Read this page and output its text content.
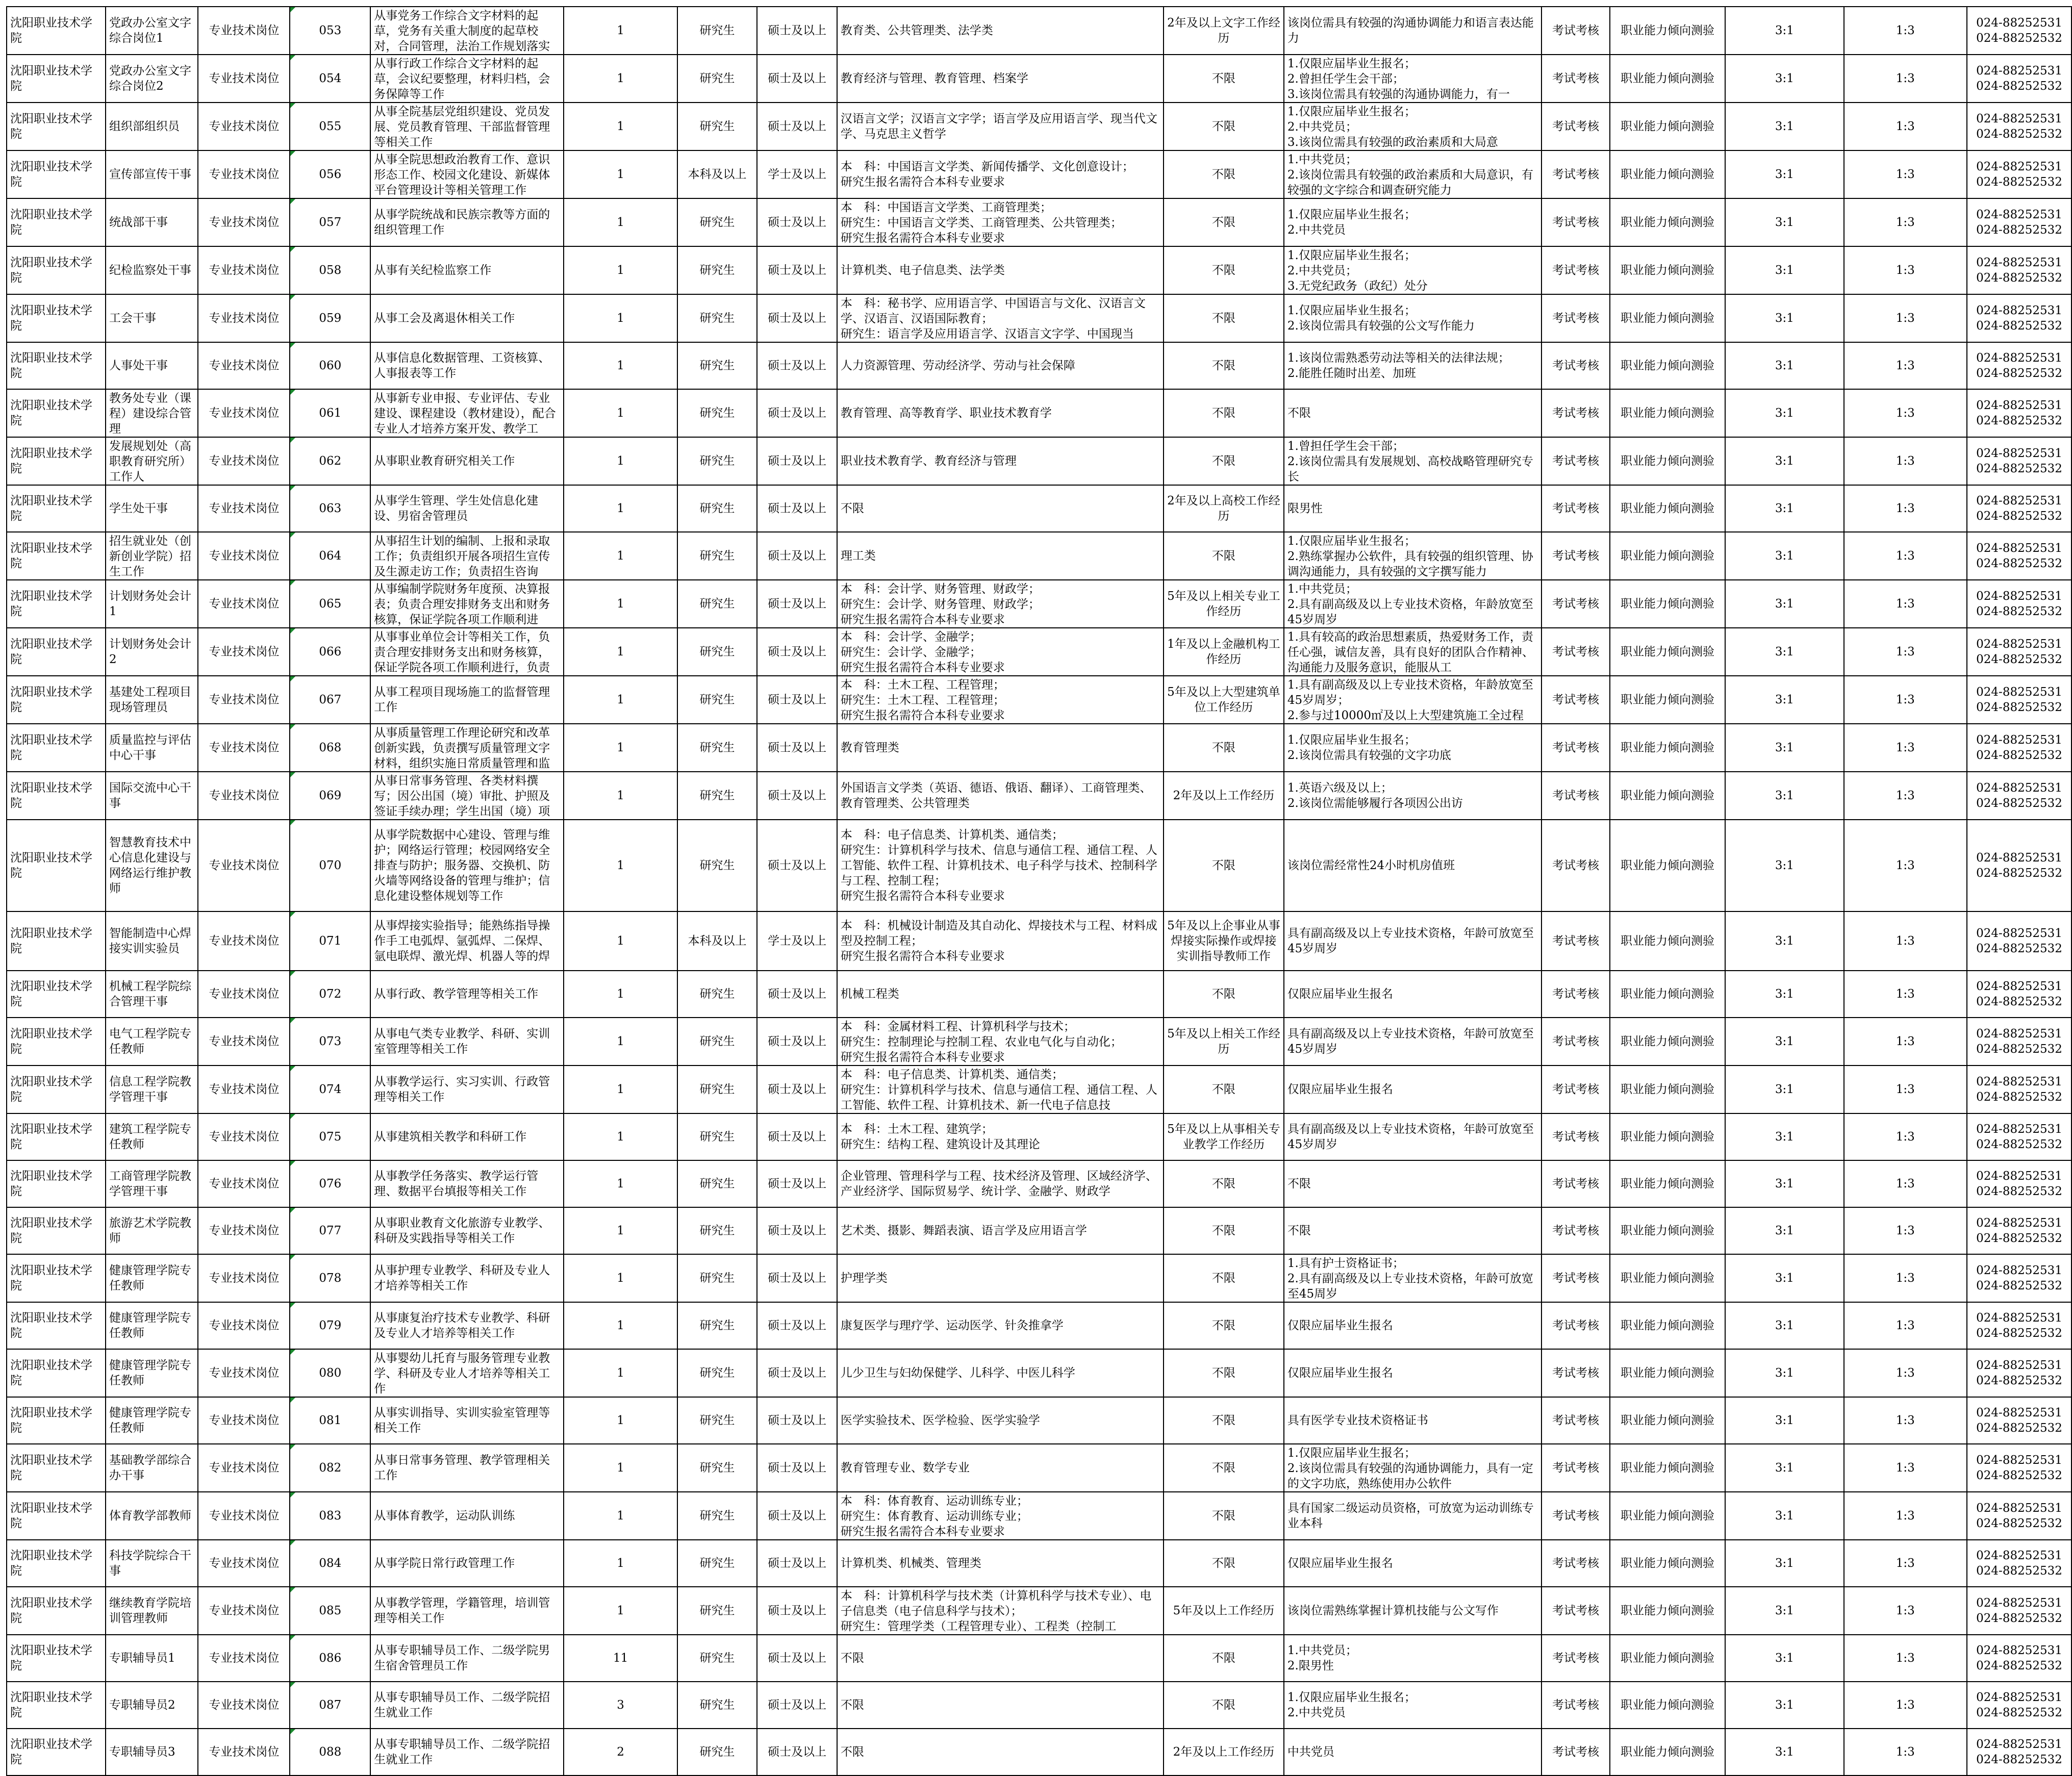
沈阳职业技术学院	党政办公室文字综合岗位1	专业技术岗位	053	从事党务工作综合文字材料的起草，党务有关重大制度的起草校对，合同管理，法治工作规划落实	1	研究生	硕士及以上	教育类、公共管理类、法学类	2年及以上文字工作经历	该岗位需具有较强的沟通协调能力和语言表达能力	考试考核	职业能力倾向测验	3:1	1:3	024-88252531
024-88252532

沈阳职业技术学院	党政办公室文字综合岗位2	专业技术岗位	054	从事行政工作综合文字材料的起草，会议纪要整理，材料归档，会务保障等工作	1	研究生	硕士及以上	教育经济与管理、教育管理、档案学	不限	1.仅限应届毕业生报名；
2.曾担任学生会干部；
3.该岗位需具有较强的沟通协调能力，有一	考试考核	职业能力倾向测验	3:1	1:3	024-88252531
024-88252532

沈阳职业技术学院	组织部组织员	专业技术岗位	055	从事全院基层党组织建设、党员发展、党员教育管理、干部监督管理等相关工作	1	研究生	硕士及以上	汉语言文学；汉语言文字学；语言学及应用语言学、现当代文学、马克思主义哲学	不限	1.仅限应届毕业生报名；
2.中共党员；
3.该岗位需具有较强的政治素质和大局意	考试考核	职业能力倾向测验	3:1	1:3	024-88252531
024-88252532

沈阳职业技术学院	宣传部宣传干事	专业技术岗位	056	从事全院思想政治教育工作、意识形态工作、校园文化建设、新媒体平台管理设计等相关管理工作	1	本科及以上	学士及以上	本　科：中国语言文学类、新闻传播学、文化创意设计；
研究生报名需符合本科专业要求	不限	1.中共党员；
2.该岗位需具有较强的政治素质和大局意识，有较强的文字综合和调查研究能力	考试考核	职业能力倾向测验	3:1	1:3	024-88252531
024-88252532

沈阳职业技术学院	统战部干事	专业技术岗位	057	从事学院统战和民族宗教等方面的组织管理工作	1	研究生	硕士及以上	本　科：中国语言文学类、工商管理类；
研究生：中国语言文学类、工商管理类、公共管理类；
研究生报名需符合本科专业要求	不限	1.仅限应届毕业生报名；
2.中共党员	考试考核	职业能力倾向测验	3:1	1:3	024-88252531
024-88252532

沈阳职业技术学院	纪检监察处干事	专业技术岗位	058	从事有关纪检监察工作	1	研究生	硕士及以上	计算机类、电子信息类、法学类	不限	1.仅限应届毕业生报名；
2.中共党员；
3.无党纪政务（政纪）处分	考试考核	职业能力倾向测验	3:1	1:3	024-88252531
024-88252532

沈阳职业技术学院	工会干事	专业技术岗位	059	从事工会及离退休相关工作	1	研究生	硕士及以上	本　科：秘书学、应用语言学、中国语言与文化、汉语言文学、汉语言、汉语国际教育；
研究生：语言学及应用语言学、汉语言文字学、中国现当	不限	1.仅限应届毕业生报名；
2.该岗位需具有较强的公文写作能力	考试考核	职业能力倾向测验	3:1	1:3	024-88252531
024-88252532

沈阳职业技术学院	人事处干事	专业技术岗位	060	从事信息化数据管理、工资核算、人事报表等工作	1	研究生	硕士及以上	人力资源管理、劳动经济学、劳动与社会保障	不限	1.该岗位需熟悉劳动法等相关的法律法规；
2.能胜任随时出差、加班	考试考核	职业能力倾向测验	3:1	1:3	024-88252531
024-88252532

沈阳职业技术学院	教务处专业（课程）建设综合管理	专业技术岗位	061	从事新专业申报、专业评估、专业建设、课程建设（教材建设），配合专业人才培养方案开发、教学工	1	研究生	硕士及以上	教育管理、高等教育学、职业技术教育学	不限	不限	考试考核	职业能力倾向测验	3:1	1:3	024-88252531
024-88252532

沈阳职业技术学院	发展规划处（高职教育研究所）工作人	专业技术岗位	062	从事职业教育研究相关工作	1	研究生	硕士及以上	职业技术教育学、教育经济与管理	不限	1.曾担任学生会干部；
2.该岗位需具有发展规划、高校战略管理研究专长	考试考核	职业能力倾向测验	3:1	1:3	024-88252531
024-88252532

沈阳职业技术学院	学生处干事	专业技术岗位	063	从事学生管理、学生处信息化建设、男宿舍管理员	1	研究生	硕士及以上	不限	2年及以上高校工作经历	限男性	考试考核	职业能力倾向测验	3:1	1:3	024-88252531
024-88252532

沈阳职业技术学院	招生就业处（创新创业学院）招生工作	专业技术岗位	064	从事招生计划的编制、上报和录取工作；负责组织开展各项招生宣传及生源走访工作；负责招生咨询	1	研究生	硕士及以上	理工类	不限	1.仅限应届毕业生报名；
2.熟练掌握办公软件，具有较强的组织管理、协调沟通能力，具有较强的文字撰写能力	考试考核	职业能力倾向测验	3:1	1:3	024-88252531
024-88252532

沈阳职业技术学院	计划财务处会计1	专业技术岗位	065	从事编制学院财务年度预、决算报表；负责合理安排财务支出和财务核算，保证学院各项工作顺利进	1	研究生	硕士及以上	本　科：会计学、财务管理、财政学；
研究生：会计学、财务管理、财政学；
研究生报名需符合本科专业要求	5年及以上相关专业工作经历	1.中共党员；
2.具有副高级及以上专业技术资格，年龄放宽至45岁周岁	考试考核	职业能力倾向测验	3:1	1:3	024-88252531
024-88252532

沈阳职业技术学院	计划财务处会计2	专业技术岗位	066	从事事业单位会计等相关工作，负责合理安排财务支出和财务核算，保证学院各项工作顺利进行，负责	1	研究生	硕士及以上	本　科：会计学、金融学；
研究生：会计学、金融学；
研究生报名需符合本科专业要求	1年及以上金融机构工作经历	1.具有较高的政治思想素质，热爱财务工作，责任心强，诚信友善，具有良好的团队合作精神、沟通能力及服务意识，能服从工	考试考核	职业能力倾向测验	3:1	1:3	024-88252531
024-88252532

沈阳职业技术学院	基建处工程项目现场管理员	专业技术岗位	067	从事工程项目现场施工的监督管理工作	1	研究生	硕士及以上	本　科：土木工程、工程管理；
研究生：土木工程、工程管理；
研究生报名需符合本科专业要求	5年及以上大型建筑单位工作经历	1.具有副高级及以上专业技术资格，年龄放宽至45岁周岁；
2.参与过10000㎡及以上大型建筑施工全过程	考试考核	职业能力倾向测验	3:1	1:3	024-88252531
024-88252532

沈阳职业技术学院	质量监控与评估中心干事	专业技术岗位	068	从事质量管理工作理论研究和改革创新实践，负责撰写质量管理文字材料，组织实施日常质量管理和监	1	研究生	硕士及以上	教育管理类	不限	1.仅限应届毕业生报名；
2.该岗位需具有较强的文字功底	考试考核	职业能力倾向测验	3:1	1:3	024-88252531
024-88252532

沈阳职业技术学院	国际交流中心干事	专业技术岗位	069	从事日常事务管理、各类材料撰写；因公出国（境）审批、护照及签证手续办理；学生出国（境）项	1	研究生	硕士及以上	外国语言文学类（英语、德语、俄语、翻译）、工商管理类、教育管理类、公共管理类	2年及以上工作经历	1.英语六级及以上；
2.该岗位需能够履行各项因公出访	考试考核	职业能力倾向测验	3:1	1:3	024-88252531
024-88252532

沈阳职业技术学院	智慧教育技术中心信息化建设与网络运行维护教师	专业技术岗位	070	从事学院数据中心建设、管理与维护；网络运行管理；校园网络安全排查与防护；服务器、交换机、防火墙等网络设备的管理与维护；信息化建设整体规划等工作	1	研究生	硕士及以上	本　科：电子信息类、计算机类、通信类；
研究生：计算机科学与技术、信息与通信工程、通信工程、人工智能、软件工程、计算机技术、电子科学与技术、控制科学与工程、控制工程；
研究生报名需符合本科专业要求	不限	该岗位需经常性24小时机房值班	考试考核	职业能力倾向测验	3:1	1:3	024-88252531
024-88252532

沈阳职业技术学院	智能制造中心焊接实训实验员	专业技术岗位	071	从事焊接实验指导；能熟练指导操作手工电弧焊、氩弧焊、二保焊、氩电联焊、激光焊、机器人等的焊	1	本科及以上	学士及以上	本　科：机械设计制造及其自动化、焊接技术与工程、材料成型及控制工程；
研究生报名需符合本科专业要求	5年及以上企事业从事焊接实际操作或焊接实训指导教师工作	具有副高级及以上专业技术资格，年龄可放宽至45岁周岁	考试考核	职业能力倾向测验	3:1	1:3	024-88252531
024-88252532

沈阳职业技术学院	机械工程学院综合管理干事	专业技术岗位	072	从事行政、教学管理等相关工作	1	研究生	硕士及以上	机械工程类	不限	仅限应届毕业生报名	考试考核	职业能力倾向测验	3:1	1:3	024-88252531
024-88252532

沈阳职业技术学院	电气工程学院专任教师	专业技术岗位	073	从事电气类专业教学、科研、实训室管理等相关工作	1	研究生	硕士及以上	本　科：金属材料工程、计算机科学与技术；
研究生：控制理论与控制工程、农业电气化与自动化；
研究生报名需符合本科专业要求	5年及以上相关工作经历	具有副高级及以上专业技术资格，年龄可放宽至45岁周岁	考试考核	职业能力倾向测验	3:1	1:3	024-88252531
024-88252532

沈阳职业技术学院	信息工程学院教学管理干事	专业技术岗位	074	从事教学运行、实习实训、行政管理等相关工作	1	研究生	硕士及以上	本　科：电子信息类、计算机类、通信类；
研究生：计算机科学与技术、信息与通信工程、通信工程、人工智能、软件工程、计算机技术、新一代电子信息技	不限	仅限应届毕业生报名	考试考核	职业能力倾向测验	3:1	1:3	024-88252531
024-88252532

沈阳职业技术学院	建筑工程学院专任教师	专业技术岗位	075	从事建筑相关教学和科研工作	1	研究生	硕士及以上	本　科：土木工程、建筑学；
研究生：结构工程、建筑设计及其理论	5年及以上从事相关专业教学工作经历	具有副高级及以上专业技术资格，年龄可放宽至45岁周岁	考试考核	职业能力倾向测验	3:1	1:3	024-88252531
024-88252532

沈阳职业技术学院	工商管理学院教学管理干事	专业技术岗位	076	从事教学任务落实、教学运行管理、数据平台填报等相关工作	1	研究生	硕士及以上	企业管理、管理科学与工程、技术经济及管理、区域经济学、产业经济学、国际贸易学、统计学、金融学、财政学	不限	不限	考试考核	职业能力倾向测验	3:1	1:3	024-88252531
024-88252532

沈阳职业技术学院	旅游艺术学院教师	专业技术岗位	077	从事职业教育文化旅游专业教学、科研及实践指导等相关工作	1	研究生	硕士及以上	艺术类、摄影、舞蹈表演、语言学及应用语言学	不限	不限	考试考核	职业能力倾向测验	3:1	1:3	024-88252531
024-88252532

沈阳职业技术学院	健康管理学院专任教师	专业技术岗位	078	从事护理专业教学、科研及专业人才培养等相关工作	1	研究生	硕士及以上	护理学类	不限	1.具有护士资格证书；
2.具有副高级及以上专业技术资格，年龄可放宽至45周岁	考试考核	职业能力倾向测验	3:1	1:3	024-88252531
024-88252532

沈阳职业技术学院	健康管理学院专任教师	专业技术岗位	079	从事康复治疗技术专业教学、科研及专业人才培养等相关工作	1	研究生	硕士及以上	康复医学与理疗学、运动医学、针灸推拿学	不限	仅限应届毕业生报名	考试考核	职业能力倾向测验	3:1	1:3	024-88252531
024-88252532

沈阳职业技术学院	健康管理学院专任教师	专业技术岗位	080	从事婴幼儿托育与服务管理专业教学、科研及专业人才培养等相关工作	1	研究生	硕士及以上	儿少卫生与妇幼保健学、儿科学、中医儿科学	不限	仅限应届毕业生报名	考试考核	职业能力倾向测验	3:1	1:3	024-88252531
024-88252532

沈阳职业技术学院	健康管理学院专任教师	专业技术岗位	081	从事实训指导、实训实验室管理等相关工作	1	研究生	硕士及以上	医学实验技术、医学检验、医学实验学	不限	具有医学专业技术资格证书	考试考核	职业能力倾向测验	3:1	1:3	024-88252531
024-88252532

沈阳职业技术学院	基础教学部综合办干事	专业技术岗位	082	从事日常事务管理、教学管理相关工作	1	研究生	硕士及以上	教育管理专业、数学专业	不限	1.仅限应届毕业生报名；
2.该岗位需具有较强的沟通协调能力，具有一定的文字功底，熟练使用办公软件	考试考核	职业能力倾向测验	3:1	1:3	024-88252531
024-88252532

沈阳职业技术学院	体育教学部教师	专业技术岗位	083	从事体育教学，运动队训练	1	研究生	硕士及以上	本　科：体育教育、运动训练专业；
研究生：体育教育、运动训练专业；
研究生报名需符合本科专业要求	不限	具有国家二级运动员资格，可放宽为运动训练专业本科	考试考核	职业能力倾向测验	3:1	1:3	024-88252531
024-88252532

沈阳职业技术学院	科技学院综合干事	专业技术岗位	084	从事学院日常行政管理工作	1	研究生	硕士及以上	计算机类、机械类、管理类	不限	仅限应届毕业生报名	考试考核	职业能力倾向测验	3:1	1:3	024-88252531
024-88252532

沈阳职业技术学院	继续教育学院培训管理教师	专业技术岗位	085	从事教学管理，学籍管理，培训管理等相关工作	1	研究生	硕士及以上	本　科：计算机科学与技术类（计算机科学与技术专业）、电子信息类（电子信息科学与技术）；
研究生：管理学类（工程管理专业）、工程类（控制工	5年及以上工作经历	该岗位需熟练掌握计算机技能与公文写作	考试考核	职业能力倾向测验	3:1	1:3	024-88252531
024-88252532

沈阳职业技术学院	专职辅导员1	专业技术岗位	086	从事专职辅导员工作、二级学院男生宿舍管理员工作	11	研究生	硕士及以上	不限	不限	1.中共党员；
2.限男性	考试考核	职业能力倾向测验	3:1	1:3	024-88252531
024-88252532

沈阳职业技术学院	专职辅导员2	专业技术岗位	087	从事专职辅导员工作、二级学院招生就业工作	3	研究生	硕士及以上	不限	不限	1.仅限应届毕业生报名；
2.中共党员	考试考核	职业能力倾向测验	3:1	1:3	024-88252531
024-88252532

沈阳职业技术学院	专职辅导员3	专业技术岗位	088	从事专职辅导员工作、二级学院招生就业工作	2	研究生	硕士及以上	不限	2年及以上工作经历	中共党员	考试考核	职业能力倾向测验	3:1	1:3	024-88252531
024-88252532
